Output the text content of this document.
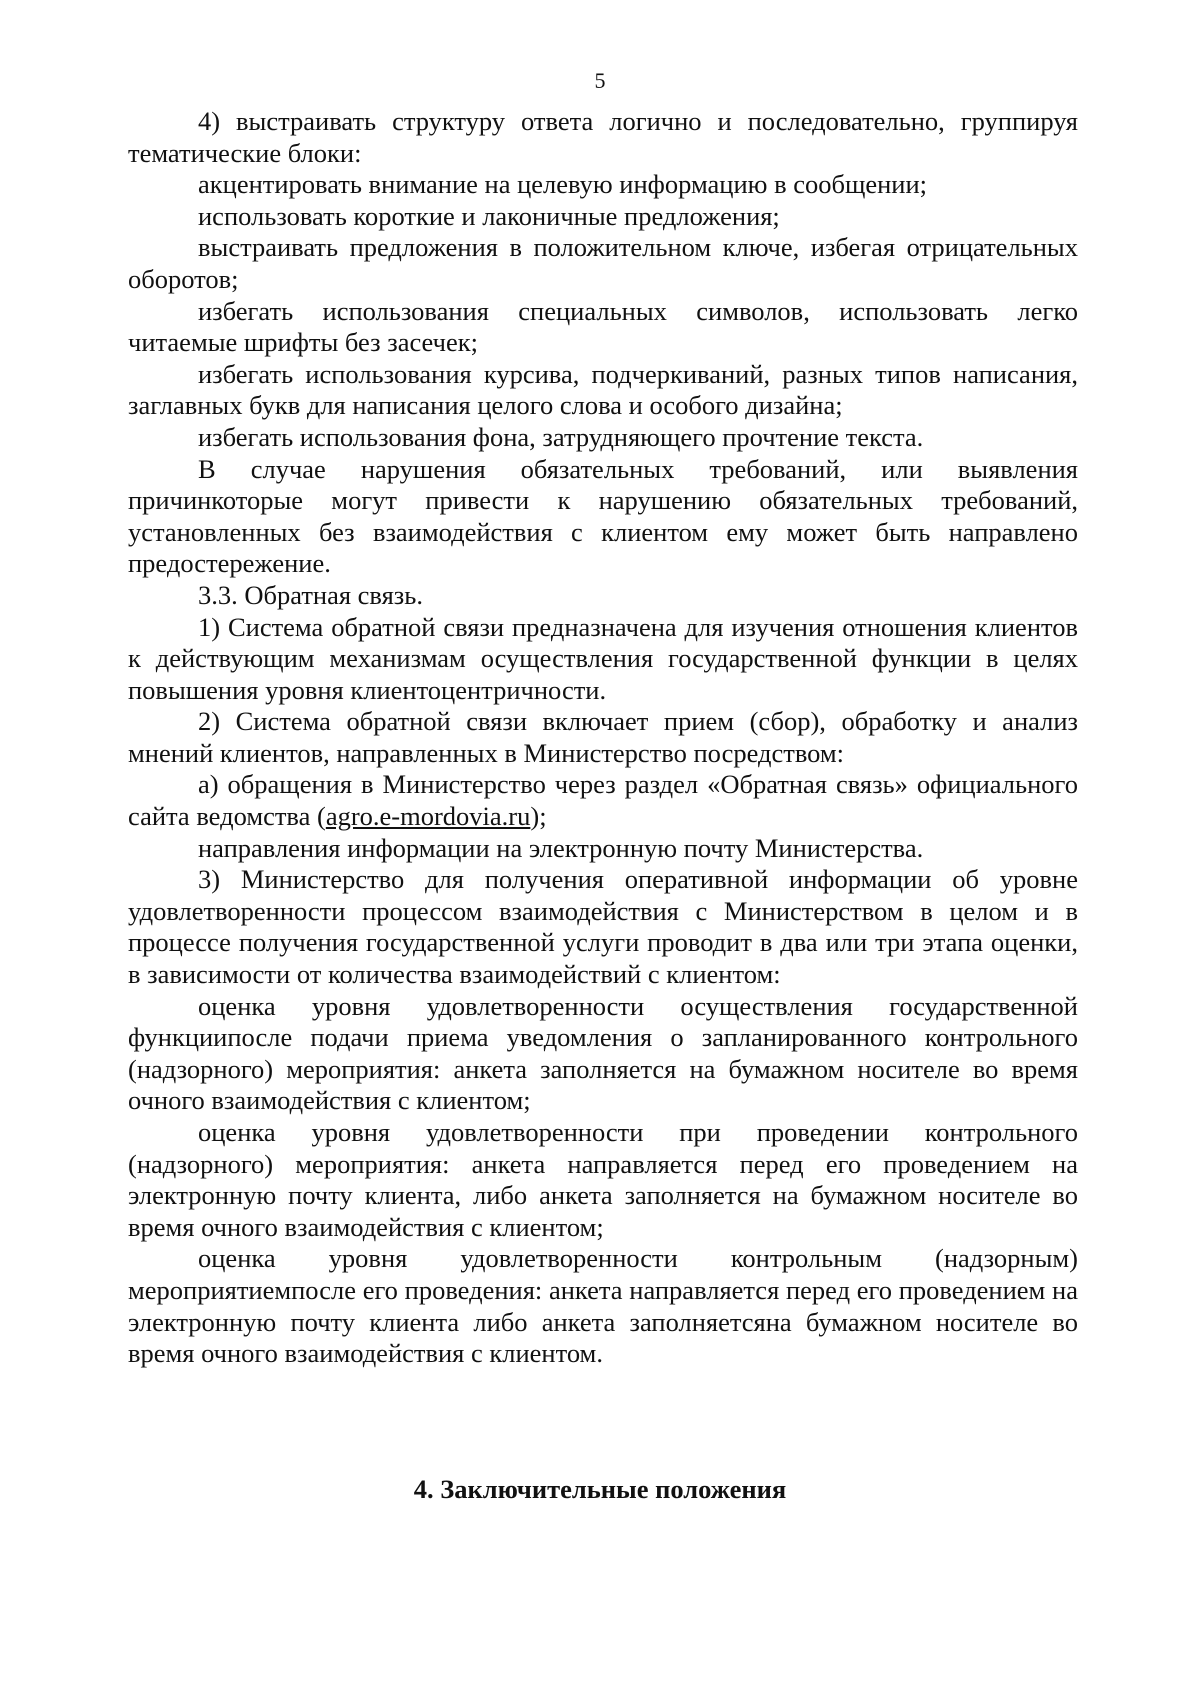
5

4) выстраивать структуру ответа логично и последовательно, группируя тематические блоки:

акцентировать внимание на целевую информацию в сообщении;

использовать короткие и лаконичные предложения;

выстраивать предложения в положительном ключе, избегая отрицательных оборотов;

избегать использования специальных символов, использовать легко читаемые шрифты без засечек;

избегать использования курсива, подчеркиваний, разных типов написания, заглавных букв для написания целого слова и особого дизайна;

избегать использования фона, затрудняющего прочтение текста.

В случае нарушения обязательных требований, или выявления причинкоторые могут привести к нарушению обязательных требований, установленных без взаимодействия с клиентом ему может быть направлено предостережение.

3.3. Обратная связь.

1) Система обратной связи предназначена для изучения отношения клиентов к действующим механизмам осуществления государственной функции в целях повышения уровня клиентоцентричности.

2) Система обратной связи включает прием (сбор), обработку и анализ мнений клиентов, направленных в Министерство посредством:

а) обращения в Министерство через раздел «Обратная связь» официального сайта ведомства (agro.e-mordovia.ru);

направления информации на электронную почту Министерства.

3) Министерство для получения оперативной информации об уровне удовлетворенности процессом взаимодействия с Министерством в целом и в процессе получения государственной услуги проводит в два или три этапа оценки, в зависимости от количества взаимодействий с клиентом:

оценка уровня удовлетворенности осуществления государственной функциипосле подачи приема уведомления о запланированного контрольного (надзорного) мероприятия: анкета заполняется на бумажном носителе во время очного взаимодействия с клиентом;

оценка уровня удовлетворенности при проведении контрольного (надзорного) мероприятия: анкета направляется перед его проведением на электронную почту клиента, либо анкета заполняется на бумажном носителе во время очного взаимодействия с клиентом;

оценка уровня удовлетворенности контрольным (надзорным) мероприятиемпосле его проведения: анкета направляется перед его проведением на электронную почту клиента либо анкета заполняетсяна бумажном носителе во время очного взаимодействия с клиентом.

4. Заключительные положения
